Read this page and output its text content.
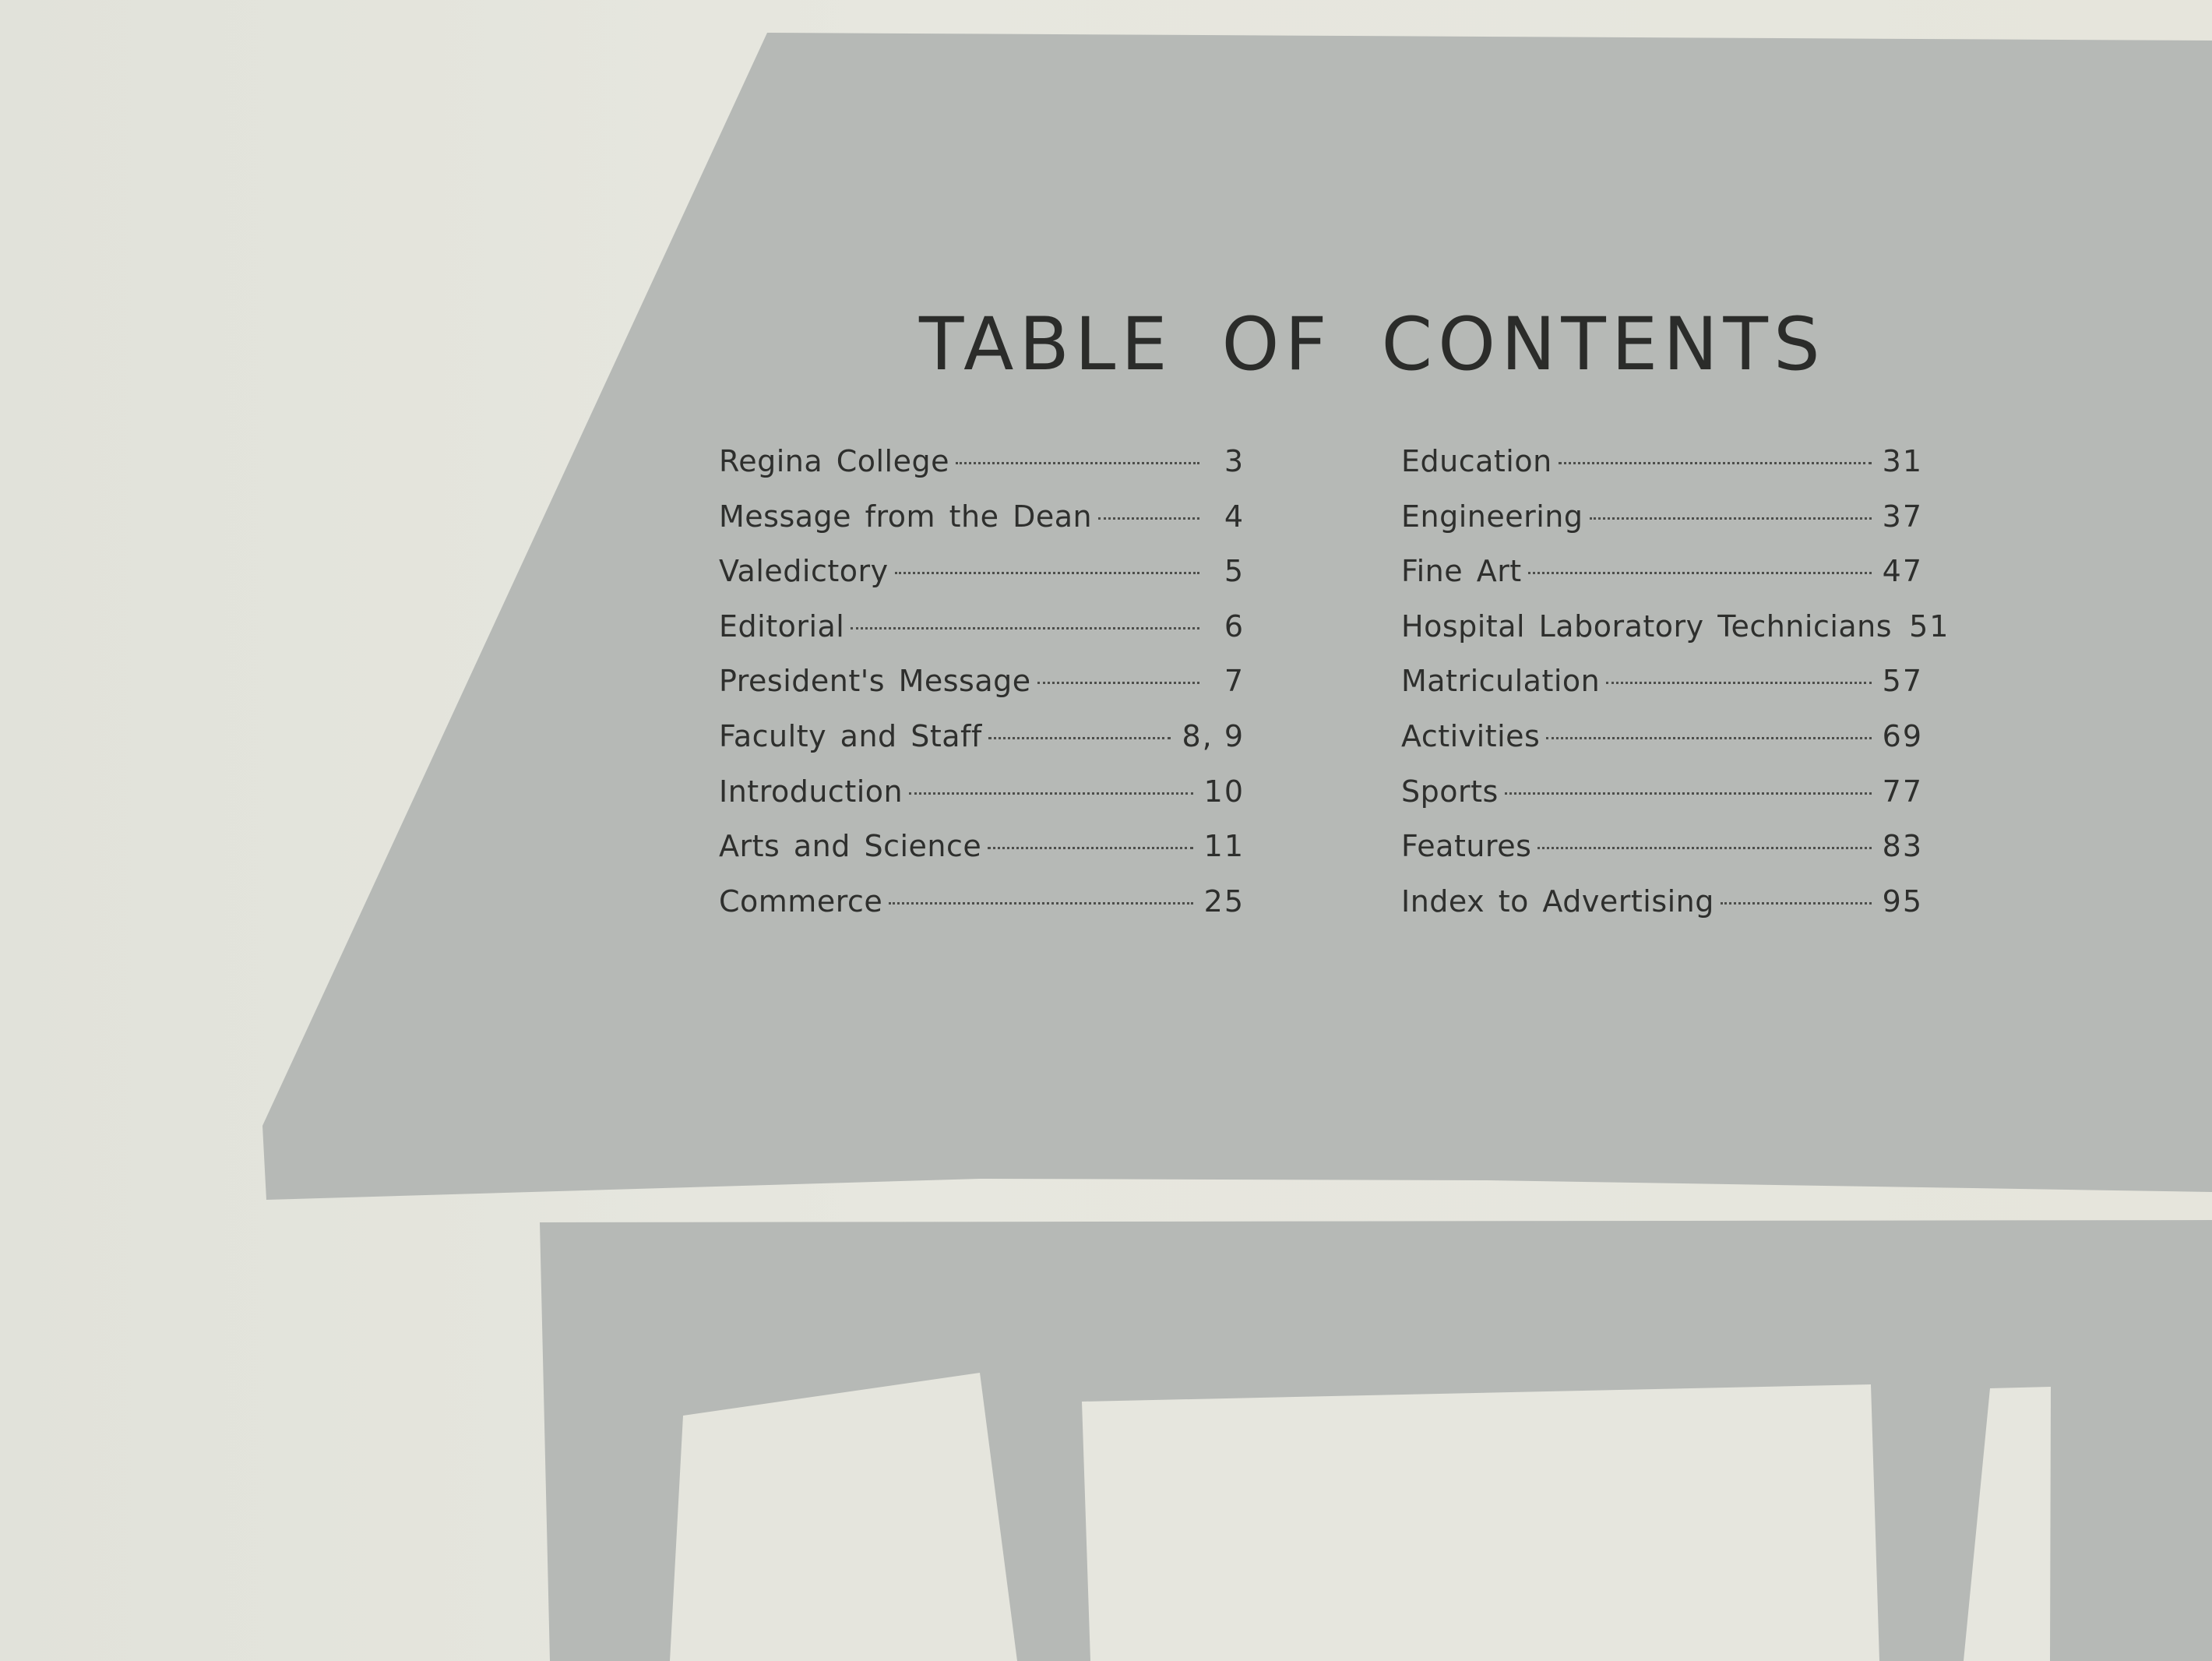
TABLE OF CONTENTS
Regina College	3
Message from the Dean	4
Valedictory	5
Editorial	6
President's Message	7
Faculty and Staff	8, 9
Introduction	10
Arts and Science	11
Commerce	25
Education	31
Engineering	37
Fine Art	47
Hospital Laboratory Technicians 51
Matriculation	57
Activities	69
Sports	77
Features	83
Index to Advertising	95
